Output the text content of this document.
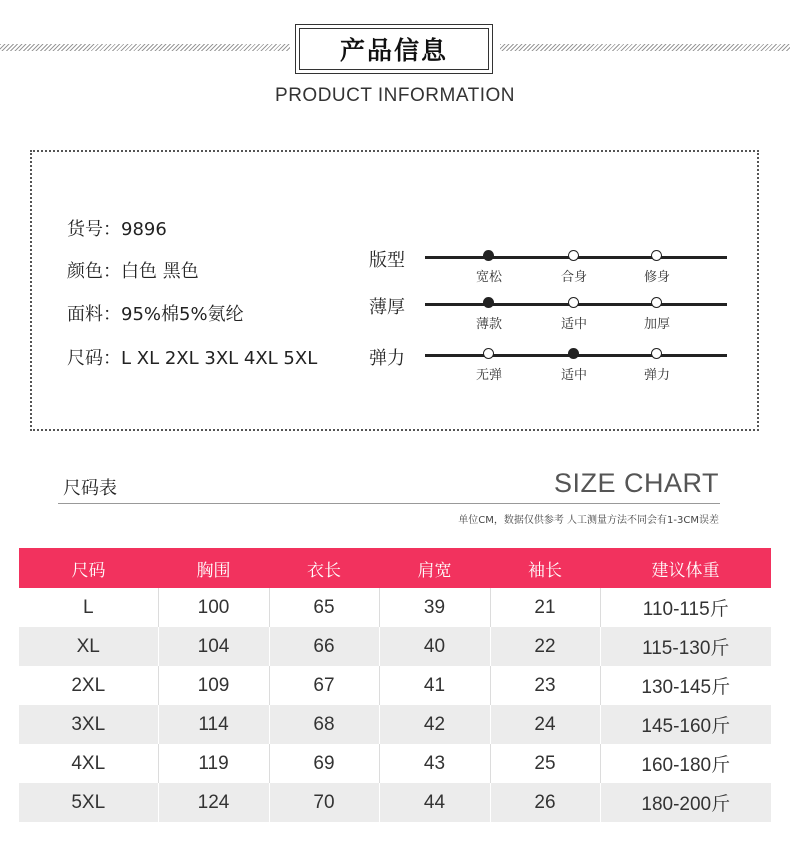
产品信息
PRODUCT INFORMATION
货号：9896
颜色：白色 黑色
面料：95%棉5%氨纶
尺码：L XL 2XL 3XL 4XL 5XL
版型
宽松	合身	修身
薄厚
薄款	适中	加厚
弹力
无弹	适中	弹力
尺码表	SIZE CHART
单位CM，数据仅供参考 人工测量方法不同会有1-3CM误差
尺码	胸围	衣长	肩宽	袖长	建议体重
L	100	65	39	21	110-115斤
XL	104	66	40	22	115-130斤
2XL	109	67	41	23	130-145斤
3XL	114	68	42	24	145-160斤
4XL	119	69	43	25	160-180斤
5XL	124	70	44	26	180-200斤
